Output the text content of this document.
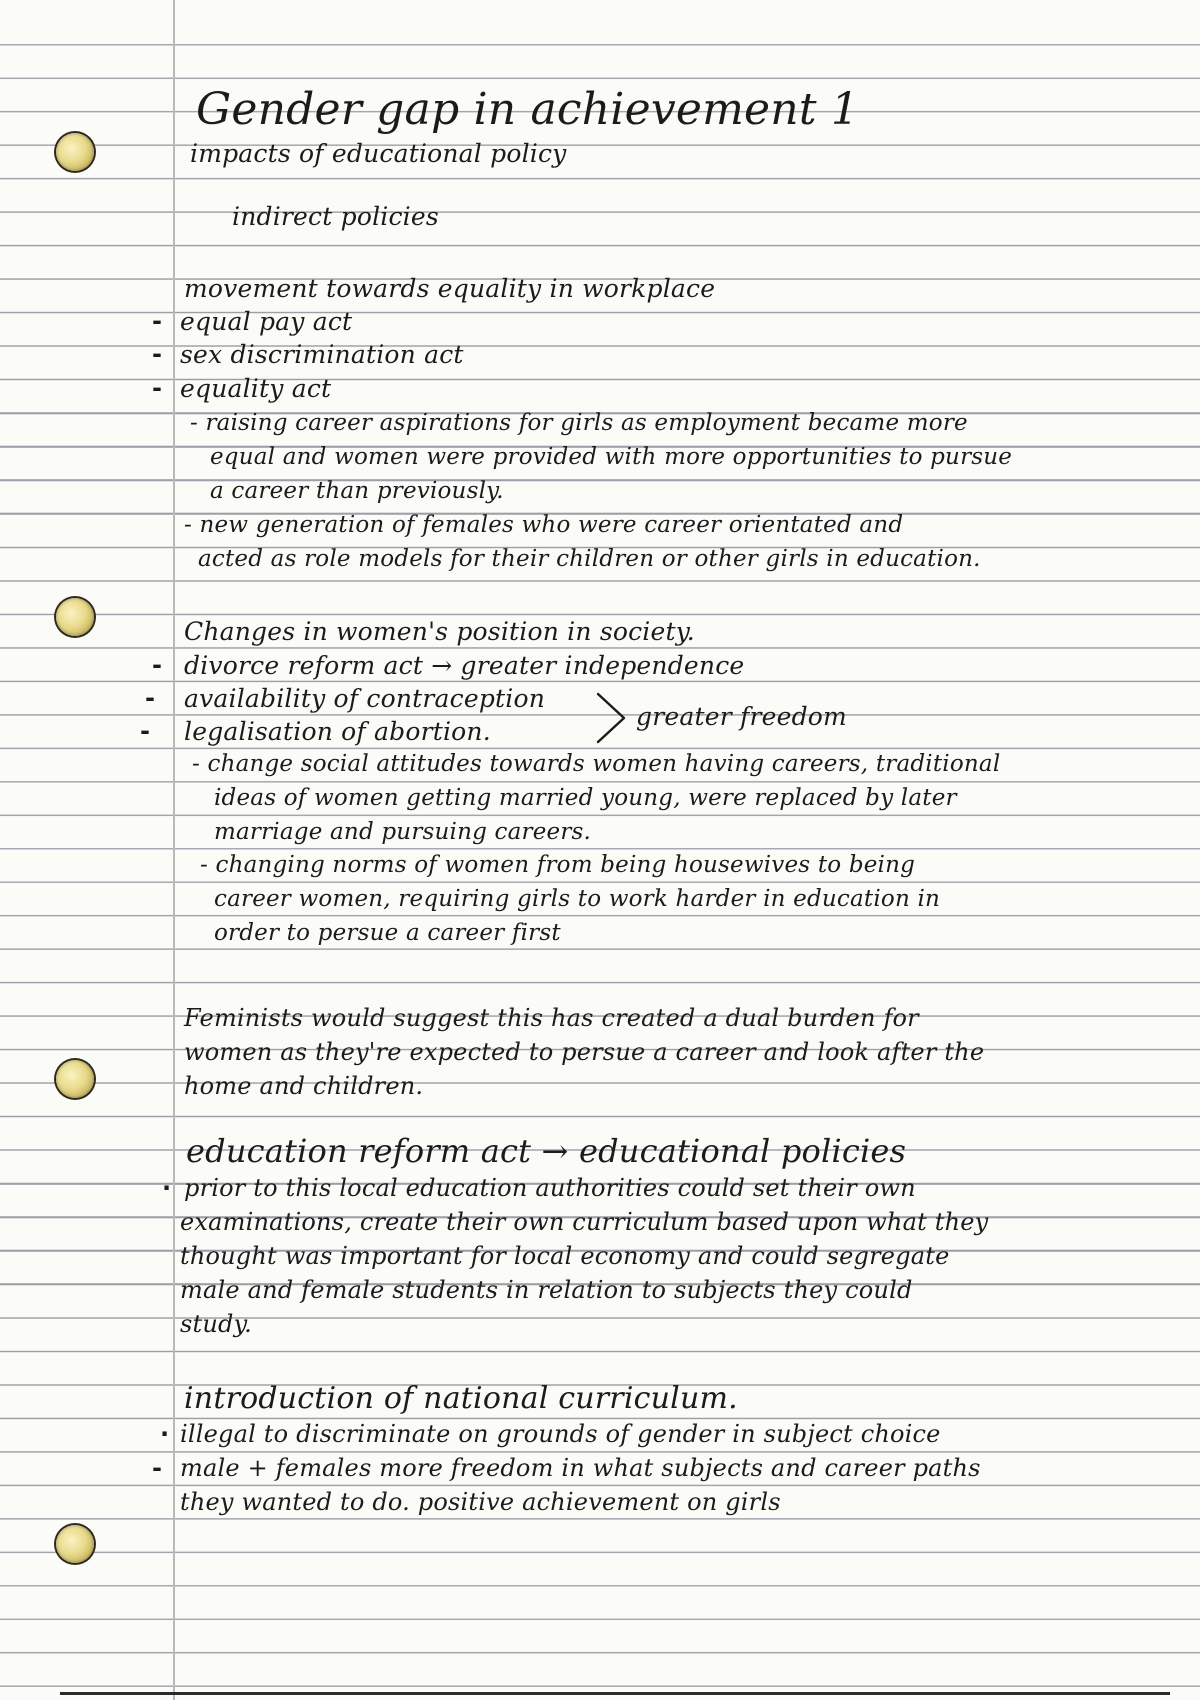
Gender gap in achievement 1

impacts of educational policy

indirect policies

movement towards equality in workplace

- equal pay act

- sex discrimination act

- equality act

- raising career aspirations for girls as employment became more

equal and women were provided with more opportunities to pursue

a career than previously.

- new generation of females who were career orientated and

acted as role models for their children or other girls in education.

Changes in women's position in society.

- divorce reform act → greater independence

- availability of contraception

- legalisation of abortion.

greater freedom

- change social attitudes towards women having careers, traditional

ideas of women getting married young, were replaced by later

marriage and pursuing careers.

- changing norms of women from being housewives to being

career women, requiring girls to work harder in education in

order to persue a career first

Feminists would suggest this has created a dual burden for

women as they're expected to persue a career and look after the

home and children.

education reform act → educational policies

· prior to this local education authorities could set their own

examinations, create their own curriculum based upon what they

thought was important for local economy and could segregate

male and female students in relation to subjects they could

study.

introduction of national curriculum.

· illegal to discriminate on grounds of gender in subject choice

- male + females more freedom in what subjects and career paths

they wanted to do. positive achievement on girls
